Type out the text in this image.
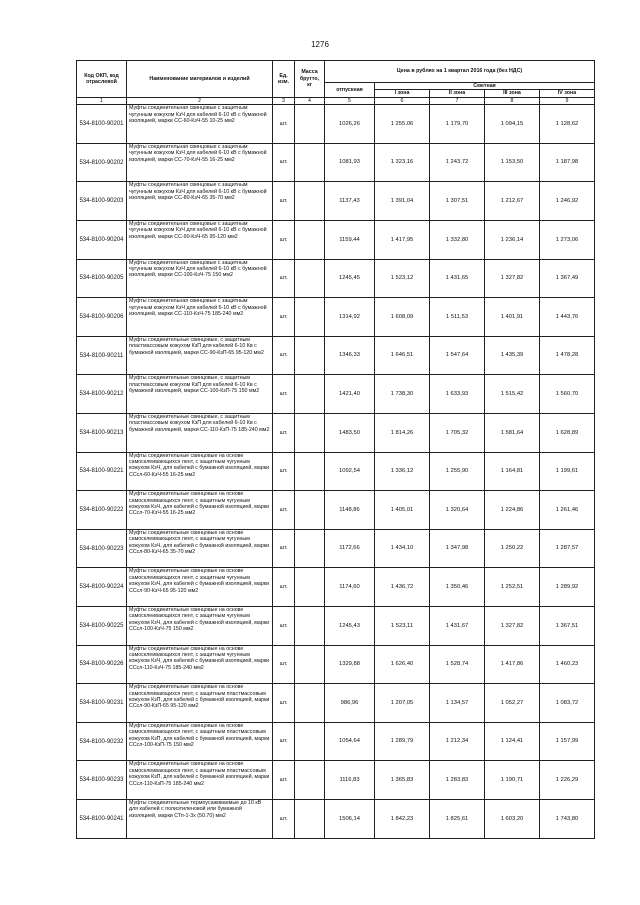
1276
Код ОКП, код отраслевой	Наименование материалов и изделий	Ед. изм.	Масса брутто, кг	Цена в рублях на 1 квартал 2016 года (без НДС)				
				отпускная	Сметная			
					I зона	II зона	III зона	IV зона
1	2	3	4	5	6	7	8	9
534-8100-90201	Муфты соединительная свинцовые с защитным чугунным кожухом КзЧ для кабелей 6-10 кВ с бумажной изоляцией, марки СС-60-КзЧ-55 10-25 мм2	шт.		1026,26	1 255,06	1 179,70	1 094,15	1 128,62
534-8100-90202	Муфты соединительная свинцовые с защитным чугунным кожухом КзЧ для кабелей 6-10 кВ с бумажной изоляцией, марки СС-70-КзЧ-55 16-25 мм2	шт.		1081,93	1 323,16	1 243,72	1 153,50	1 187,98
534-8100-90203	Муфты соединительная свинцовые с защитным чугунным кожухом КзЧ для кабелей 6-10 кВ с бумажной изоляцией, марки СС-80-КзЧ-65 35-70 мм2	шт.		1137,43	1 391,04	1 307,51	1 212,67	1 246,92
534-8100-90204	Муфты соединительная свинцовые с защитным чугунным кожухом КзЧ для кабелей 6-10 кВ с бумажной изоляцией, марки СС-90-КзЧ-65 95-120 мм2	шт.		1159,44	1 417,95	1 332,80	1 236,14	1 273,06
534-8100-90205	Муфты соединительная свинцовые с защитным чугунным кожухом КзЧ для кабелей 6-10 кВ с бумажной изоляцией, марки СС-100-КзЧ-75 150 мм2	шт.		1245,45	1 523,12	1 431,65	1 327,82	1 367,49
534-8100-90206	Муфты соединительная свинцовые с защитным чугунным кожухом КзЧ для кабелей 6-10 кВ с бумажной изоляцией, марки СС-110-КзЧ-75 185-240 мм2	шт.		1314,92	1 608,09	1 511,53	1 401,91	1 443,76
534-8100-90211	Муфты соединительные свинцовые, с защитным пластмассовым кожухом КзП для кабелей 6-10 Кв с бумажной изоляцией, марки СС-90-КзП-65 95-120 мм2	шт.		1346,33	1 646,51	1 547,64	1 435,39	1 478,28
534-8100-90212	Муфты соединительные свинцовые, с защитным пластмассовым кожухом КзП для кабелей 6-10 Кв с бумажной изоляцией, марки СС-100-КзП-75 150 мм2	шт.		1421,40	1 738,30	1 633,93	1 515,42	1 560,70
534-8100-90213	Муфты соединительные свинцовые, с защитным пластмассовым кожухом КзП для кабелей 6-10 Кв с бумажной изоляцией, марки СС-110-КзП-75 185-240 мм2	шт.		1483,50	1 814,26	1 705,32	1 581,64	1 628,89
534-8100-90221	Муфты соединительные свинцовые на основе самосклеивающихся лент, с защитным чугунным кожухом КзЧ, для кабелей с бумажной изоляцией, марки ССсл-60-КзЧ-55 16-25 мм2	шт.		1092,54	1 336,12	1 255,90	1 164,81	1 199,61
534-8100-90222	Муфты соединительные свинцовые на основе самосклеивающихся лент, с защитным чугунным кожухом КзЧ, для кабелей с бумажной изоляцией, марки ССсл-70-КзЧ-55 16-25 мм2	шт.		1148,86	1 405,01	1 320,64	1 224,86	1 261,46
534-8100-90223	Муфты соединительные свинцовые на основе самосклеивающихся лент, с защитным чугунным кожухом КзЧ, для кабелей с бумажной изоляцией, марки ССсл-80-КзЧ-65 35-70 мм2	шт.		1172,66	1 434,10	1 347,98	1 250,22	1 287,57
534-8100-90224	Муфты соединительные свинцовые на основе самосклеивающихся лент, с защитным чугунным кожухом КзЧ, для кабелей с бумажной изоляцией, марки ССсл-90-КзЧ-65 95-120 мм2	шт.		1174,60	1 436,72	1 350,46	1 252,51	1 289,92
534-8100-90225	Муфты соединительные свинцовые на основе самосклеивающихся лент, с защитным чугунным кожухом КзЧ, для кабелей с бумажной изоляцией, марки ССсл-100-КзЧ-75 150 мм2	шт.		1245,43	1 523,11	1 431,67	1 327,82	1 367,51
534-8100-90226	Муфты соединительные свинцовые на основе самосклеивающихся лент, с защитным чугунным кожухом КзЧ, для кабелей с бумажной изоляцией, марки ССсл-110-КзЧ-75 185-240 мм2	шт.		1329,88	1 626,40	1 528,74	1 417,86	1 460,23
534-8100-90231	Муфты соединительные свинцовые на основе самосклеивающихся лент, с защитным пластмассовым кожухом КзП, для кабелей с бумажной изоляцией, марки ССсл-90-КзП-65 95-120 мм2	шт.		986,96	1 207,05	1 134,57	1 052,27	1 083,72
534-8100-90232	Муфты соединительные свинцовые на основе самосклеивающихся лент, с защитным пластмассовым кожухом КзП, для кабелей с бумажной изоляцией, марки ССсл-100-КзП-75 150 мм2	шт.		1054,64	1 289,79	1 212,34	1 124,41	1 157,99
534-8100-90233	Муфты соединительные свинцовые на основе самосклеивающихся лент, с защитным пластмассовым кожухом КзП, для кабелей с бумажной изоляцией, марки ССсл-110-КзП-75 185-240 мм2	шт.		1116,83	1 365,83	1 283,83	1 190,71	1 226,29
534-8100-90241	Муфты соединительные термоусаживаемые до 10 кВ для кабелей с полиэтиленовой или бумажной изоляцией, марки СТп-1-3х (50.70) мм2	шт.		1506,14	1 842,23	1 825,61	1 603,20	1 743,80
